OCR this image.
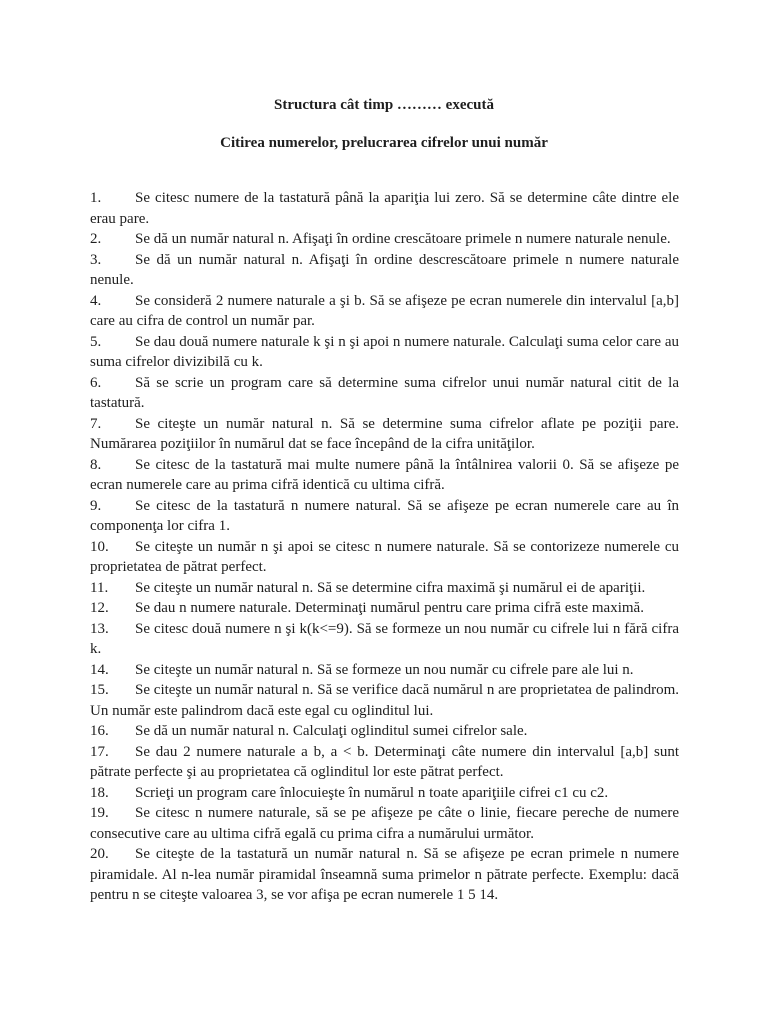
Structura cât timp ……… execută
Citirea numerelor, prelucrarea cifrelor unui număr

1. Se citesc numere de la tastatură până la apariţia lui zero. Să se determine câte dintre ele erau pare.

2. Se dă un număr natural n. Afişaţi în ordine crescătoare primele n numere naturale nenule.

3. Se dă un număr natural n. Afişaţi în ordine descrescătoare primele n numere naturale nenule.

4. Se consideră 2 numere naturale a şi b. Să se afişeze pe ecran numerele din intervalul [a,b] care au cifra de control un număr par.

5. Se dau două numere naturale k şi n şi apoi n numere naturale. Calculaţi suma celor care au suma cifrelor divizibilă cu k.

6. Să se scrie un program care să determine suma cifrelor unui număr natural citit de la tastatură.

7. Se citeşte un număr natural n. Să se determine suma cifrelor aflate pe poziţii pare. Numărarea poziţiilor în numărul dat se face începând de la cifra unităţilor.

8. Se citesc de la tastatură mai multe numere până la întâlnirea valorii 0. Să se afişeze pe ecran numerele care au prima cifră identică cu ultima cifră.

9. Se citesc de la tastatură n numere natural. Să se afişeze pe ecran numerele care au în componenţa lor cifra 1.

10. Se citeşte un număr n şi apoi se citesc n numere naturale. Să se contorizeze numerele cu proprietatea de pătrat perfect.

11. Se citeşte un număr natural n. Să se determine cifra maximă şi numărul ei de apariţii.

12. Se dau n numere naturale. Determinaţi numărul pentru care prima cifră este maximă.

13. Se citesc două numere n şi k(k<=9). Să se formeze un nou număr cu cifrele lui n fără cifra k.

14. Se citeşte un număr natural n. Să se formeze un nou număr cu cifrele pare ale lui n.

15. Se citeşte un număr natural n. Să se verifice dacă numărul n are proprietatea de palindrom. Un număr este palindrom dacă este egal cu oglinditul lui.

16. Se dă un număr natural n. Calculaţi oglinditul sumei cifrelor sale.

17. Se dau 2 numere naturale a b, a < b. Determinaţi câte numere din intervalul [a,b] sunt pătrate perfecte şi au proprietatea că oglinditul lor este pătrat perfect.

18. Scrieţi un program care înlocuieşte în numărul n toate apariţiile cifrei c1 cu c2.

19. Se citesc n numere naturale, să se pe afişeze pe câte o linie, fiecare pereche de numere consecutive care au ultima cifră egală cu prima cifra a numărului următor.

20. Se citeşte de la tastatură un număr natural n. Să se afişeze pe ecran primele n numere piramidale. Al n-lea număr piramidal înseamnă suma primelor n pătrate perfecte. Exemplu: dacă pentru n se citeşte valoarea 3, se vor afişa pe ecran numerele 1 5 14.
